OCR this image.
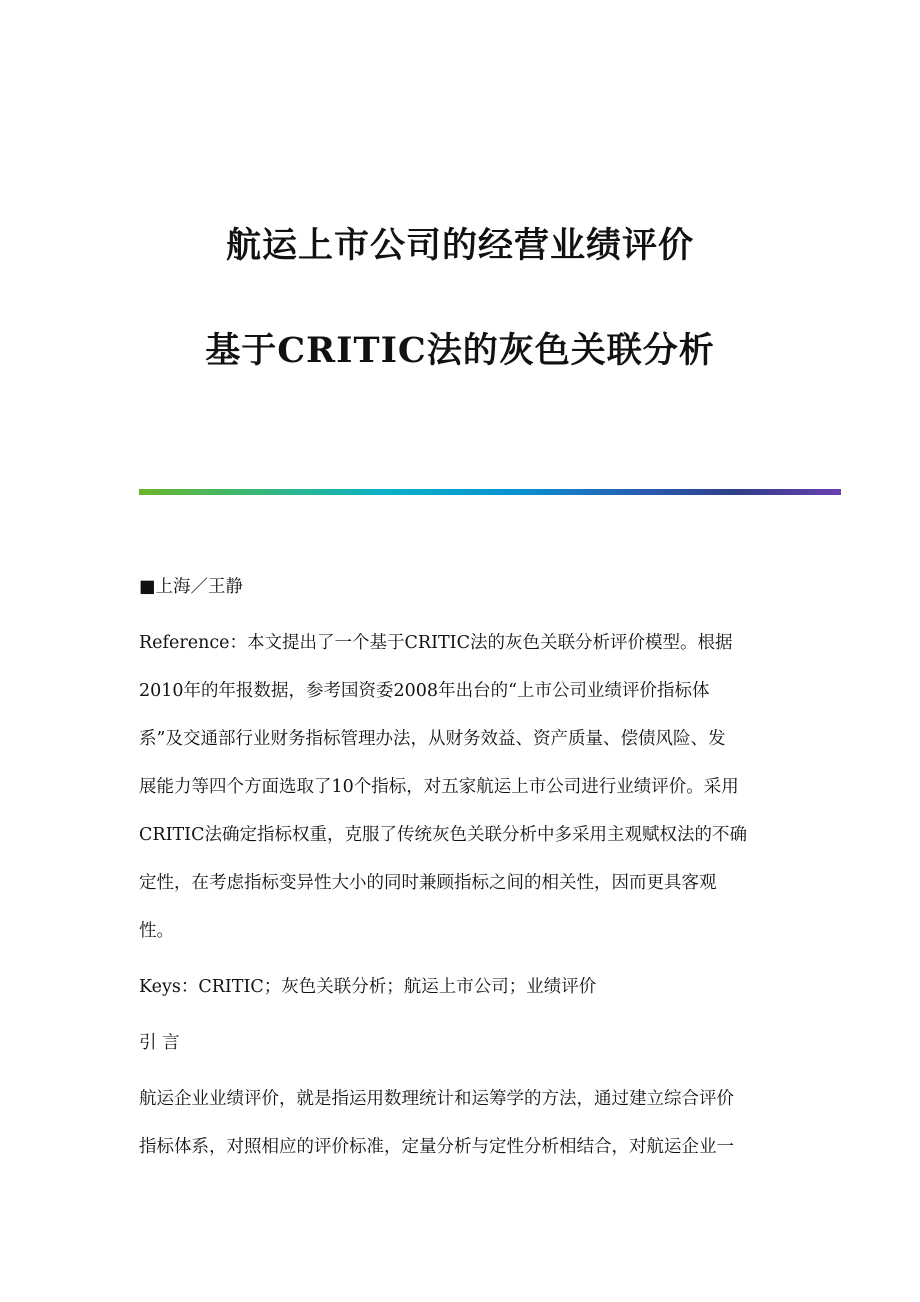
航运上市公司的经营业绩评价
基于CRITIC法的灰色关联分析
■上海／王静
Reference：本文提出了一个基于CRITIC法的灰色关联分析评价模型。根据
2010年的年报数据，参考国资委2008年出台的“上市公司业绩评价指标体
系”及交通部行业财务指标管理办法，从财务效益、资产质量、偿债风险、发
展能力等四个方面选取了10个指标，对五家航运上市公司进行业绩评价。采用
CRITIC法确定指标权重，克服了传统灰色关联分析中多采用主观赋权法的不确
定性，在考虑指标变异性大小的同时兼顾指标之间的相关性，因而更具客观
性。
Keys：CRITIC；灰色关联分析；航运上市公司；业绩评价
引 言
航运企业业绩评价，就是指运用数理统计和运筹学的方法，通过建立综合评价
指标体系，对照相应的评价标准，定量分析与定性分析相结合，对航运企业一
